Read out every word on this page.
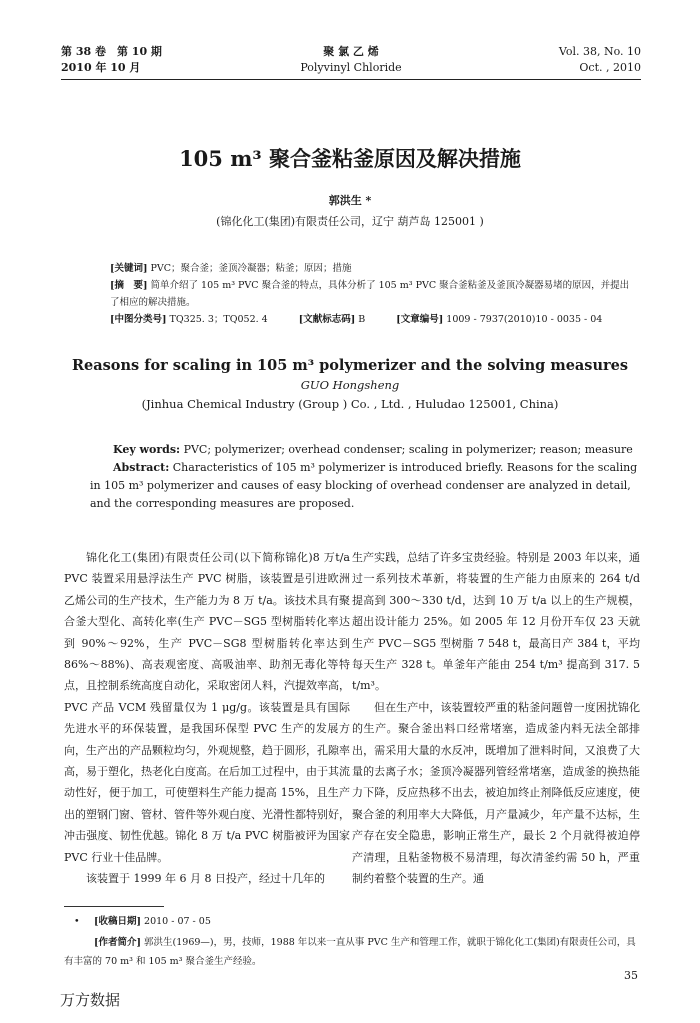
第 38 卷　第 10 期
2010 年 10 月
聚 氯 乙 烯
Polyvinyl Chloride
Vol. 38, No. 10
Oct. , 2010
105 m³ 聚合釜粘釜原因及解决措施
郭洪生 *
(锦化化工(集团)有限责任公司，辽宁 葫芦岛 125001 )
[关键词] PVC；聚合釜；釜顶冷凝器；粘釜；原因；措施
[摘　要] 简单介绍了 105 m³ PVC 聚合釜的特点，具体分析了 105 m³ PVC 聚合釜粘釜及釜顶冷凝器易堵的原因，并提出了相应的解决措施。
[中图分类号] TQ325. 3；TQ052. 4	[文献标志码] B	[文章编号] 1009 - 7937(2010)10 - 0035 - 04
Reasons for scaling in 105 m³ polymerizer and the solving measures
GUO Hongsheng
(Jinhua Chemical Industry (Group ) Co. , Ltd. , Huludao 125001, China)
Key words: PVC; polymerizer; overhead condenser; scaling in polymerizer; reason; measure
Abstract: Characteristics of 105 m³ polymerizer is introduced briefly. Reasons for the scaling in 105 m³ polymerizer and causes of easy blocking of overhead condenser are analyzed in detail, and the corresponding measures are proposed.

锦化化工(集团)有限责任公司(以下简称锦化)8 万t/a PVC 装置采用悬浮法生产 PVC 树脂，该装置是引进欧洲乙烯公司的生产技术，生产能力为 8 万 t/a。该技术具有聚合釜大型化、高转化率(生产 PVC－SG5 型树脂转化率达到 90%～92%，生产 PVC－SG8 型树脂转化率达到 86%～88%)、高表观密度、高吸油率、助剂无毒化等特点，且控制系统高度自动化，采取密闭人料，汽提效率高，PVC 产品 VCM 残留量仅为 1 μg/g。该装置是具有国际先进水平的环保装置，是我国环保型 PVC 生产的发展方向，生产出的产品颗粒均匀，外观规整，趋于圆形，孔隙率高，易于塑化，热老化白度高。在后加工过程中，由于其流动性好，便于加工，可使塑料生产能力提高 15%，且生产出的塑钢门窗、管材、管件等外观白度、光滑性都特别好，冲击强度、韧性优越。锦化 8 万 t/a PVC 树脂被评为国家 PVC 行业十佳品牌。

该装置于 1999 年 6 月 8 日投产，经过十几年的

生产实践，总结了许多宝贵经验。特别是 2003 年以来，通过一系列技术革新，将装置的生产能力由原来的 264 t/d 提高到 300～330 t/d，达到 10 万 t/a 以上的生产规模，超出设计能力 25%。如 2005 年 12 月份开车仅 23 天就生产 PVC－SG5 型树脂 7 548 t，最高日产 384 t，平均每天生产 328 t。单釜年产能由 254 t/m³ 提高到 317. 5 t/m³。

但在生产中，该装置较严重的粘釜问题曾一度困扰锦化的生产。聚合釜出料口经常堵塞，造成釜内料无法全部排出，需采用大量的水反冲，既增加了泄料时间，又浪费了大量的去离子水；釜顶冷凝器列管经常堵塞，造成釜的换热能力下降，反应热移不出去，被迫加终止剂降低反应速度，使聚合釜的利用率大大降低，月产量减少，年产量不达标，生产存在安全隐患，影响正常生产，最长 2 个月就得被迫停产清理，且粘釜物极不易清理，每次清釜约需 50 h，严重制约着整个装置的生产。通

• [收稿日期] 2010 - 07 - 05
[作者简介] 郭洪生(1969—)，男，技师，1988 年以来一直从事 PVC 生产和管理工作，就职于锦化化工(集团)有限责任公司，具有丰富的 70 m³ 和 105 m³ 聚合釜生产经验。
35
万方数据
